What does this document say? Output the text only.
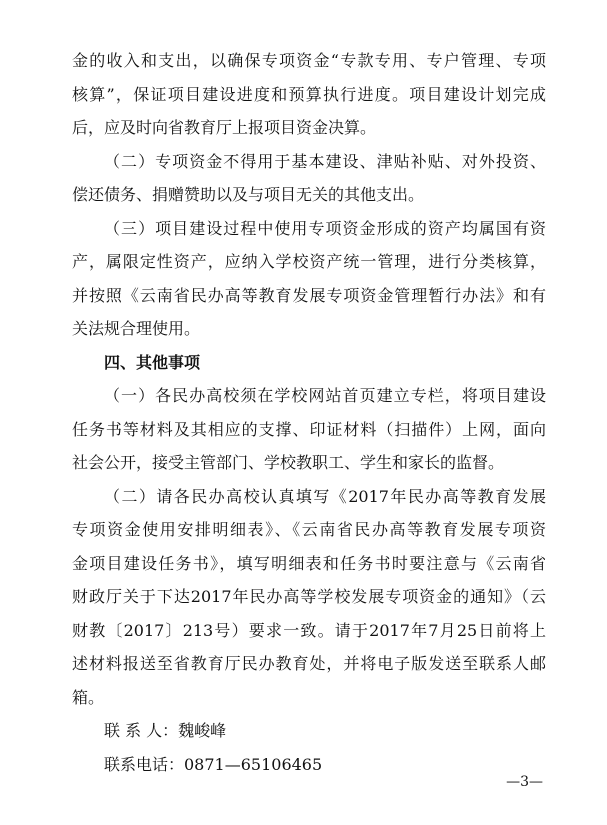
金的收入和支出，以确保专项资金“专款专用、专户管理、专项
核算”，保证项目建设进度和预算执行进度。项目建设计划完成
后，应及时向省教育厅上报项目资金决算。
（二）专项资金不得用于基本建设、津贴补贴、对外投资、
偿还债务、捐赠赞助以及与项目无关的其他支出。
（三）项目建设过程中使用专项资金形成的资产均属国有资
产，属限定性资产，应纳入学校资产统一管理，进行分类核算，
并按照《云南省民办高等教育发展专项资金管理暂行办法》和有
关法规合理使用。
四、其他事项
（一）各民办高校须在学校网站首页建立专栏，将项目建设
任务书等材料及其相应的支撑、印证材料（扫描件）上网，面向
社会公开，接受主管部门、学校教职工、学生和家长的监督。
（二）请各民办高校认真填写《2017年民办高等教育发展
专项资金使用安排明细表》、《云南省民办高等教育发展专项资
金项目建设任务书》，填写明细表和任务书时要注意与《云南省
财政厅关于下达2017年民办高等学校发展专项资金的通知》（云
财教〔2017〕213号）要求一致。请于2017年7月25日前将上
述材料报送至省教育厅民办教育处，并将电子版发送至联系人邮
箱。
联 系 人：魏峻峰
联系电话：0871—65106465
—3—
